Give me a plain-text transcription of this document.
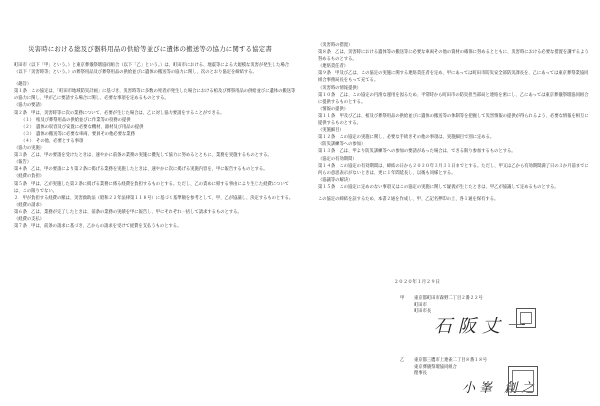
災害時における総及び器料用品の供給等並びに遺体の搬送等の協力に関する協定書

町田市（以下「甲」という。）と東京葬儀祭壇協同組合（以下「乙」という。）は、町田市における、地震等による大規模な災害が発生した場合（以下「災害時等」という。）の葬祭用品及び葬祭用品の供給並びに遺体の搬送等の協力に関し、次のとおり協定を締結する。

（趣旨）

第１条　この協定は、「町田市地域防災計画」に基づき、災害時等に多数の死者が発生した場合における棺及び葬祭用品の供給並びに遺体の搬送等の協力に関し、甲が乙に要請する場合に関し、必要な事項を定めるものとする。

（協力の要請）

第２条　甲は、災害時等に次の業務について、必要が生じた場合は、乙に対し協力要請をすることができる。

（１）　棺及び葬祭用品の供給並びに作業等の役務の提供

（２）　遺体の収容及び安置に必要な機材、器材及び用品の提供

（３）　遺体の搬送等に必要な車両、要員その他必要な業務

（４）　その他、必要とする事項

（協力の実施）

第３条　乙は、甲の要請を受けたときは、速やかに前条の業務の実施に優先して協力に努めるとともに、業務を実施するものとする。

（報告）

第４条　乙は、甲の要請により第２条に掲げる業務を実施したときは、速やかに次に掲げる実施内容を、甲に報告するものとする。

（経費の負担）

第５条　甲は、乙が実施した第２条に掲げる業務に係る経費を負担するものとする。ただし、乙の責めに帰する事由により生じた経費については、この限りでない。

２　甲が負担する経費の額は、災害救助法（昭和２２年法律第１１８号）に基づく基準額を参考として、甲、乙が協議し、決定するものとする。

（経費の請求）

第６条　乙は、業務が完了したときは、前条の業務の実績を甲に報告し、甲にそれぞれ一括して請求するものとする。

（経費の支払）

第７条　甲は、前条の請求に基づき、乙からの請求を受けて経費を支払うものとする。

（災害時の措置）

第８条　乙は、災害時における遺体等の搬送等に必要な車両その他の資材の確保に努めるとともに、災害時における必要な措置を講ずるよう努めるものとする。

（連絡責任者）

第９条　甲及び乙は、この協定の実施に関する連絡責任者を定め、甲にあっては町田市防災安全部防災課長を、乙にあっては東京葬祭業協同組合事務局長をもって充てる。

（災害時の情報提供）

第１０条　乙は、この協定の円滑な運用を図るため、平常時から町田市の防災担当部局と連絡を密にし、乙にあっては東京葬儀祭壇協同組合に提供するものとする。

（情報の提供）

第１１条　甲及び乙は、棺及び葬祭用品の供給並びに遺体の搬送等の体制等を把握して災害情報の提供が得られるよう、必要な情報を相互に提供するものとする。

（実施細目）

第１２条　この協定の実施に関し、必要な手続きその他の事項は、実施細目で別に定める。

（防災訓練等への参加）

第１３条　乙は、甲より防災訓練等への参加の要請があった場合は、できる限り参加するものとする。

（協定の有効期間）

第１４条　この協定の有効期間は、締結の日から２０２０年３月３１日までとする。ただし、甲又は乙から有効期間満了日の３か月前までに何らの意思表示がないときは、更に１年間延長し、以後も同様とする。

（協議等の解決）

第１５条　この協定に定めのない事項又はこの協定の実施に関して疑義が生じたときは、甲乙が協議して定めるものとする。

この協定の締結を証するため、本書２通を作成し、甲、乙記名押印の上、各１通を保有する。

２０２０年１月２９日
甲 東京都町田市森野二丁目２番２２号
町田市
町田市長
石阪丈一
乙 東京都三鷹市上連雀二丁目８番１８号
東京葬儀祭壇協同組合
理事長
小峯 創之
